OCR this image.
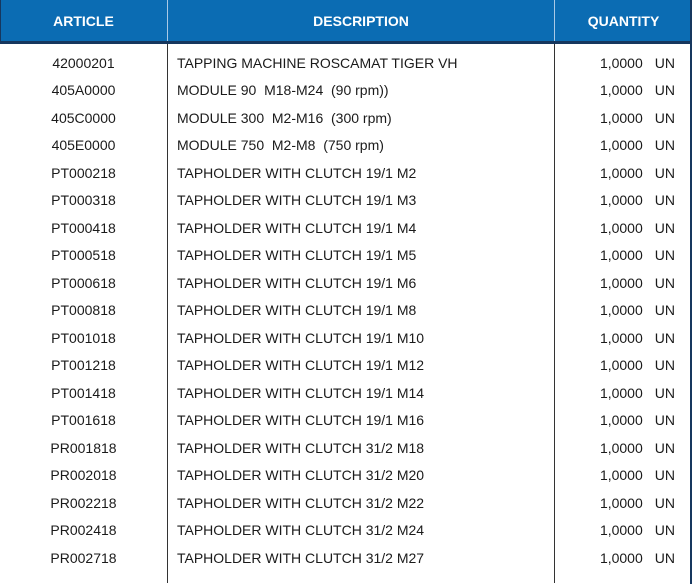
ARTICLE	DESCRIPTION	QUANTITY
42000201	TAPPING MACHINE ROSCAMAT TIGER VH	1,0000 UN
405A0000	MODULE 90  M18-M24  (90 rpm))	1,0000 UN
405C0000	MODULE 300  M2-M16  (300 rpm)	1,0000 UN
405E0000	MODULE 750  M2-M8  (750 rpm)	1,0000 UN
PT000218	TAPHOLDER WITH CLUTCH 19/1 M2	1,0000 UN
PT000318	TAPHOLDER WITH CLUTCH 19/1 M3	1,0000 UN
PT000418	TAPHOLDER WITH CLUTCH 19/1 M4	1,0000 UN
PT000518	TAPHOLDER WITH CLUTCH 19/1 M5	1,0000 UN
PT000618	TAPHOLDER WITH CLUTCH 19/1 M6	1,0000 UN
PT000818	TAPHOLDER WITH CLUTCH 19/1 M8	1,0000 UN
PT001018	TAPHOLDER WITH CLUTCH 19/1 M10	1,0000 UN
PT001218	TAPHOLDER WITH CLUTCH 19/1 M12	1,0000 UN
PT001418	TAPHOLDER WITH CLUTCH 19/1 M14	1,0000 UN
PT001618	TAPHOLDER WITH CLUTCH 19/1 M16	1,0000 UN
PR001818	TAPHOLDER WITH CLUTCH 31/2 M18	1,0000 UN
PR002018	TAPHOLDER WITH CLUTCH 31/2 M20	1,0000 UN
PR002218	TAPHOLDER WITH CLUTCH 31/2 M22	1,0000 UN
PR002418	TAPHOLDER WITH CLUTCH 31/2 M24	1,0000 UN
PR002718	TAPHOLDER WITH CLUTCH 31/2 M27	1,0000 UN
